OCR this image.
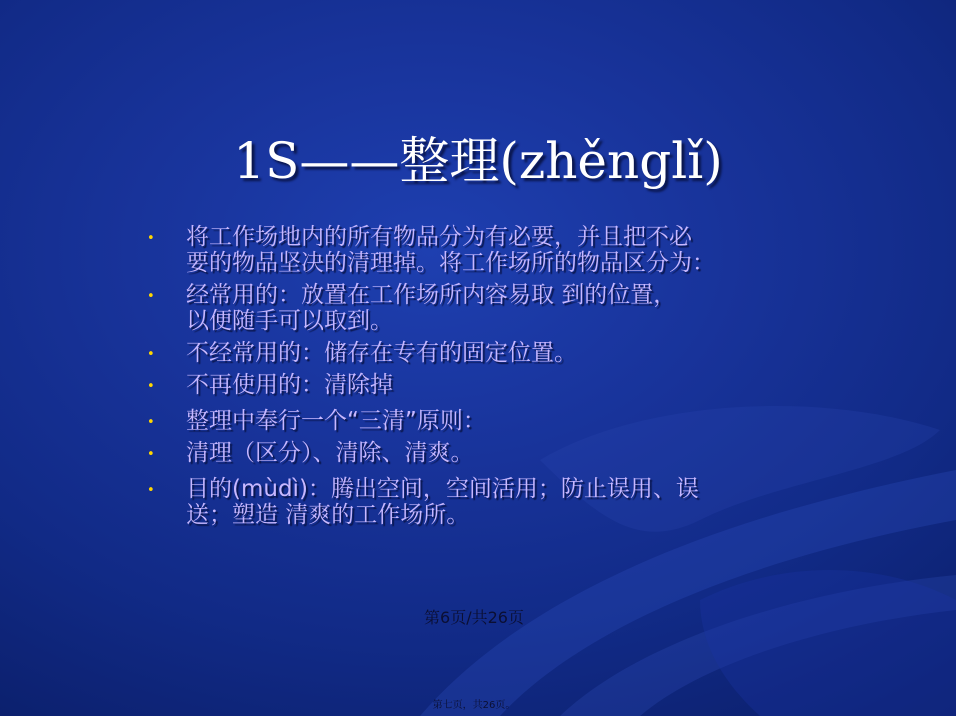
1S——整理(zhěnglǐ)
• 将工作场地内的所有物品分为有必要，并且把不必
要的物品坚决的清理掉。将工作场所的物品区分为：
• 经常用的：放置在工作场所内容易取 到的位置，
以便随手可以取到。
• 不经常用的：储存在专有的固定位置。
• 不再使用的：清除掉
• 整理中奉行一个“三清”原则：
• 清理（区分）、清除、清爽。
• 目的(mùdì)：腾出空间，空间活用；防止误用、误
送；塑造 清爽的工作场所。
第6页/共26页
第七页，共26页。
